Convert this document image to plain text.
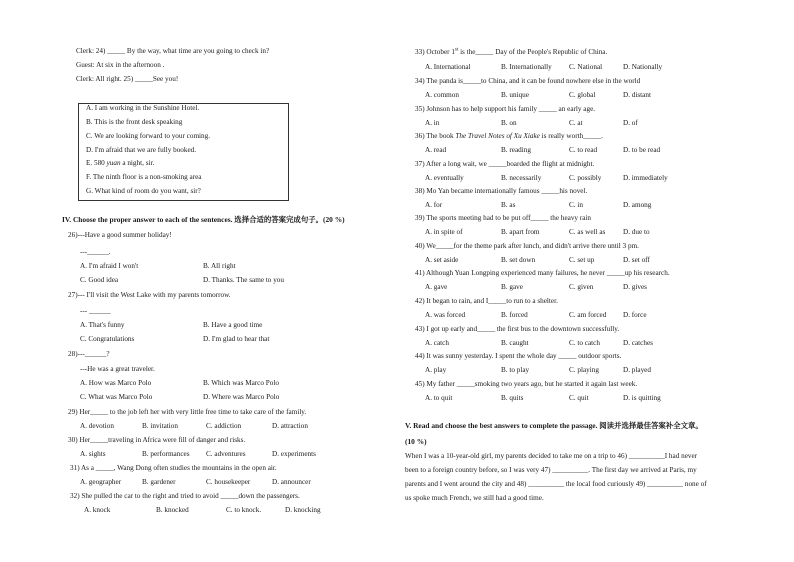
Clerk: 24) _____ By the way, what time are you going to check in?
Guest: At six in the afternoon .
Clerk: All right. 25) _____See you!
A. I am working in the Sunshine Hotel.
B. This is the front desk speaking
C. We are looking forward to your coming.
D. I'm afraid that we are fully booked.
E. 580 yuan a night, sir.
F. The ninth floor is a non-smoking area
G. What kind of room do you want, sir?
IV. Choose the proper answer to each of the sentences. 选择合适的答案完成句子。(20 %)
26)---Have a good summer holiday!
---______.
A. I'm afraid I won't	B. All right
C. Good idea	D. Thanks. The same to you
27)--- I'll visit the West Lake with my parents tomorrow.
--- ______
A. That's funny	B. Have a good time
C. Congratulations	D. I'm glad to hear that
28)---______?
---He was a great traveler.
A. How was Marco Polo	B. Which was Marco Polo
C. What was Marco Polo	D. Where was Marco Polo
29) Her_____ to the job left her with very little free time to take care of the family.
A. devotion	B. invitation	C. addiction	D. attraction
30) Her_____traveling in Africa were fill of danger and risks.
A. sights	B. performances C. adventures	D. experiments
31) As a _____, Wang Dong often studies the mountains in the open air.
A. geographer	B. gardener	C. housekeeper	D. announcer
32) She pulled the car to the right and tried to avoid _____down the passengers.
A. knock	B. knocked	C. to knock.	D. knocking
33) October 1st is the_____ Day of the People's Republic of China.
A. International	B. Internationally C. National	D. Nationally
34) The panda is_____to China, and it can be found nowhere else in the world
A. common	B. unique	C. global	D. distant
35) Johnson has to help support his family _____ an early age.
A. in	B. on	C. at	D. of
36) The book The Travel Notes of Xu Xiake is really worth_____.
A. read	B. reading	C. to read	D. to be read
37) After a long wait, we _____boarded the flight at midnight.
A. eventually	B. necessarily	C. possibly	D. immediately
38) Mo Yan became internationally famous _____his novel.
A. for	B. as	C. in	D. among
39) The sports meeting had to be put off_____ the heavy rain
A. in spite of	B. apart from	C. as well as D. due to
40) We_____for the theme park after lunch, and didn't arrive there until 3 pm.
A. set aside	B. set down	C. set up	D. set off
41) Although Yuan Longping experienced many failures, he never _____up his research.
A. gave	B. gave	C. given	D. gives
42) It began to rain, and I_____to run to a shelter.
A. was forced	B. forced	C. am forced D. force
43) I got up early and_____ the first bus to the downtown successfully.
A. catch	B. caught	C. to catch	D. catches
44) It was sunny yesterday. I spent the whole day _____ outdoor sports.
A. play	B. to play	C. playing	D. played
45) My father _____smoking two years ago, but he started it again last week.
A. to quit	B. quits	C. quit	D. is quitting
V. Read and choose the best answers to complete the passage. 阅读并选择最佳答案补全文章。
(10 %)
When I was a 10-year-old girl, my parents decided to take me on a trip to 46) __________I had never
been to a foreign country before, so I was very 47) __________. The first day we arrived at Paris, my
parents and I went around the city and 48) __________ the local food curiously 49) __________ none of
us spoke much French, we still had a good time.
